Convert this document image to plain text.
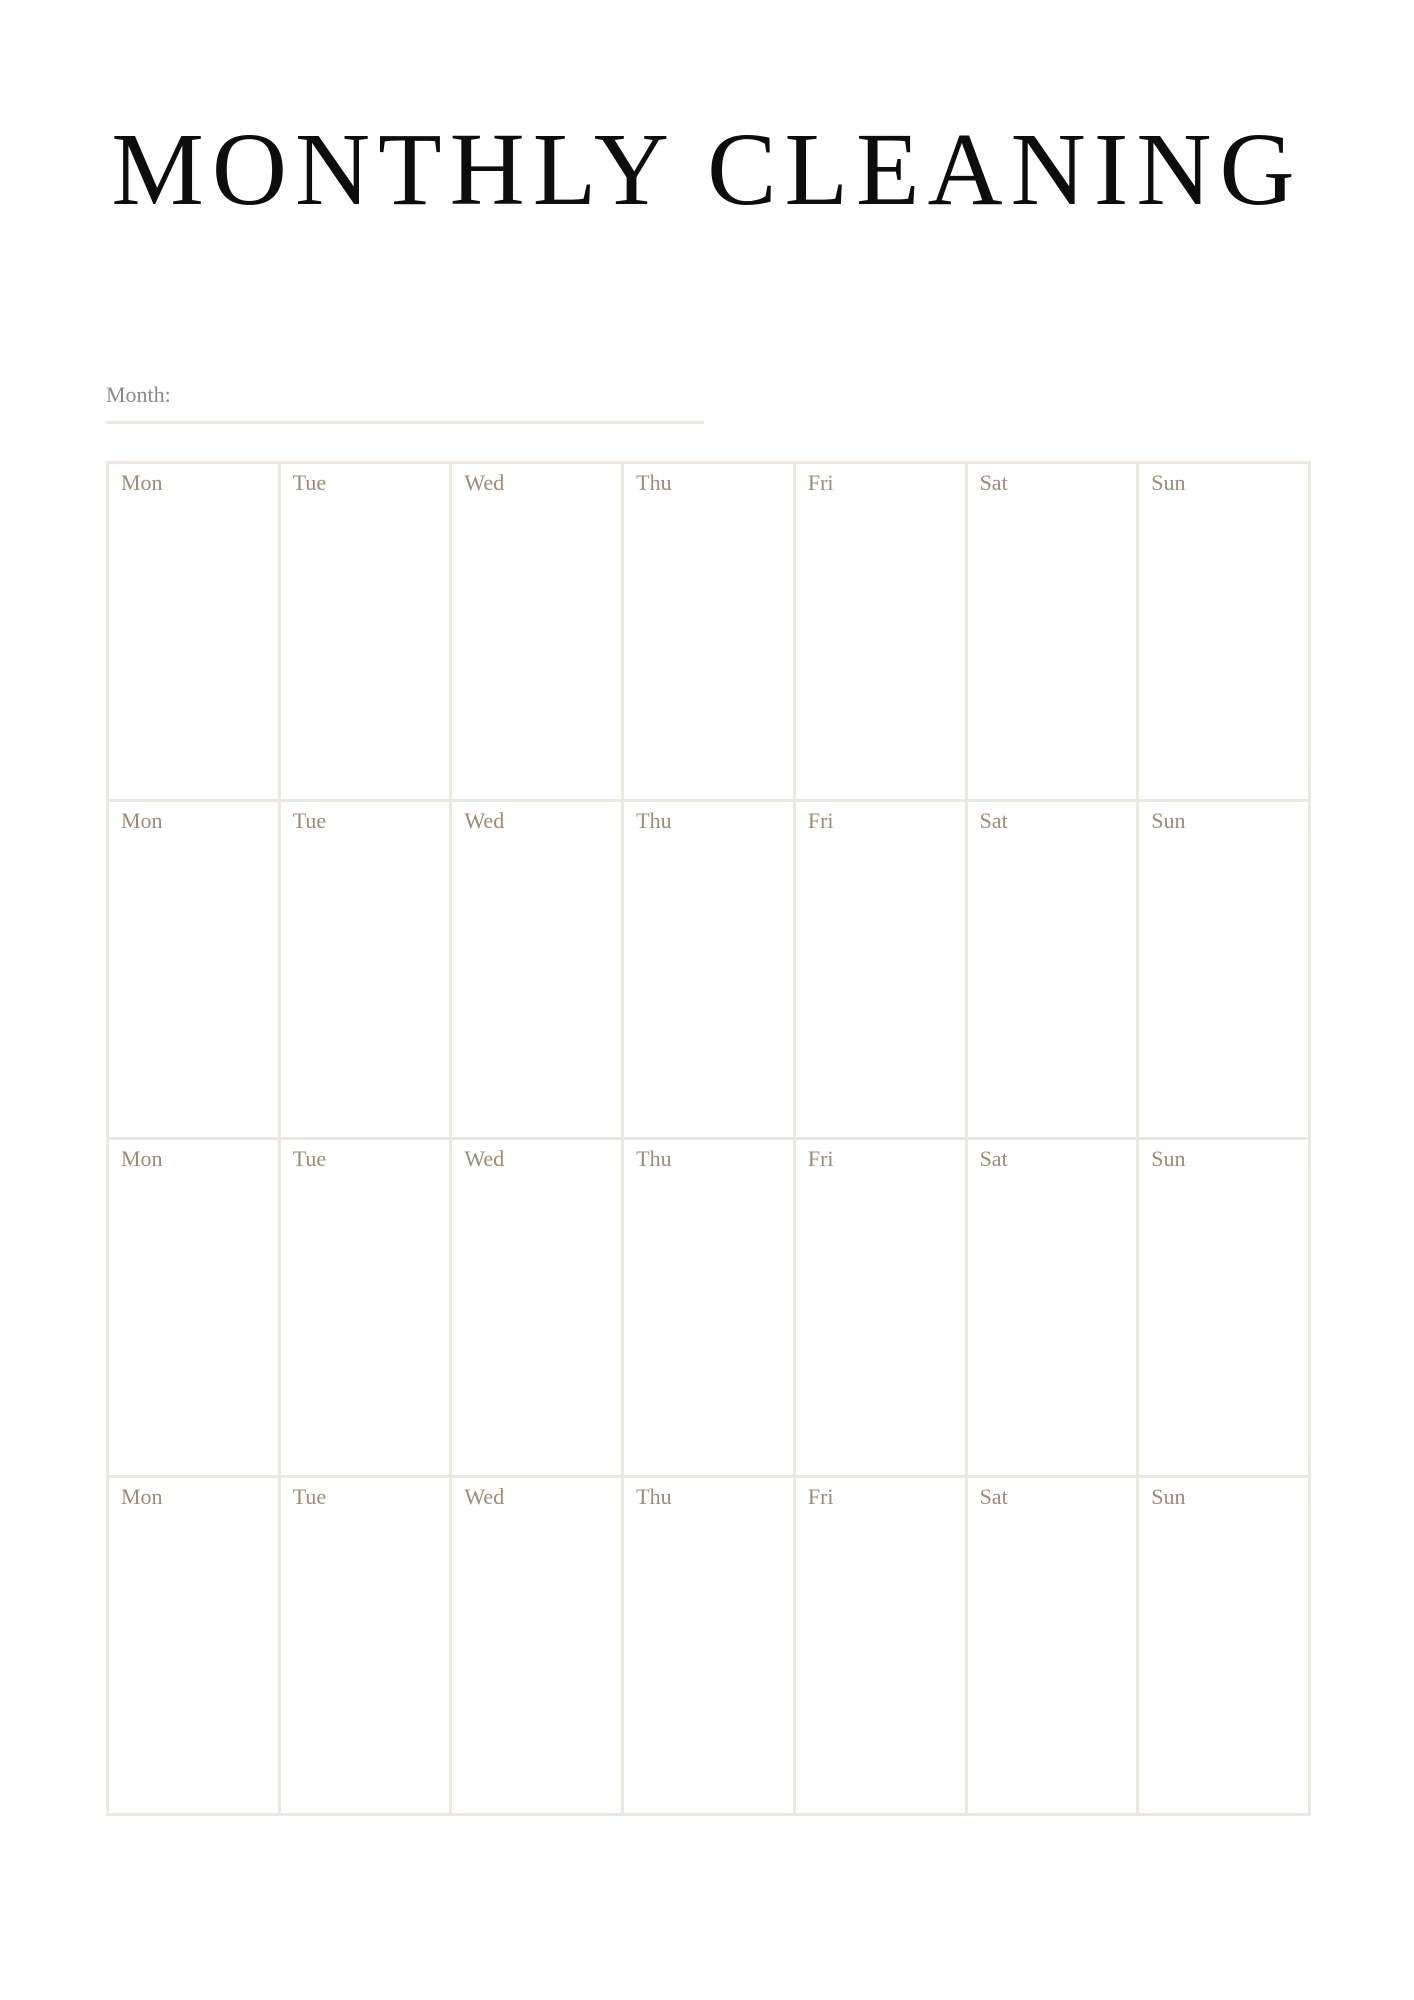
MONTHLY CLEANING
Month:
Mon	Tue	Wed	Thu	Fri	Sat	Sun
Mon	Tue	Wed	Thu	Fri	Sat	Sun
Mon	Tue	Wed	Thu	Fri	Sat	Sun
Mon	Tue	Wed	Thu	Fri	Sat	Sun
